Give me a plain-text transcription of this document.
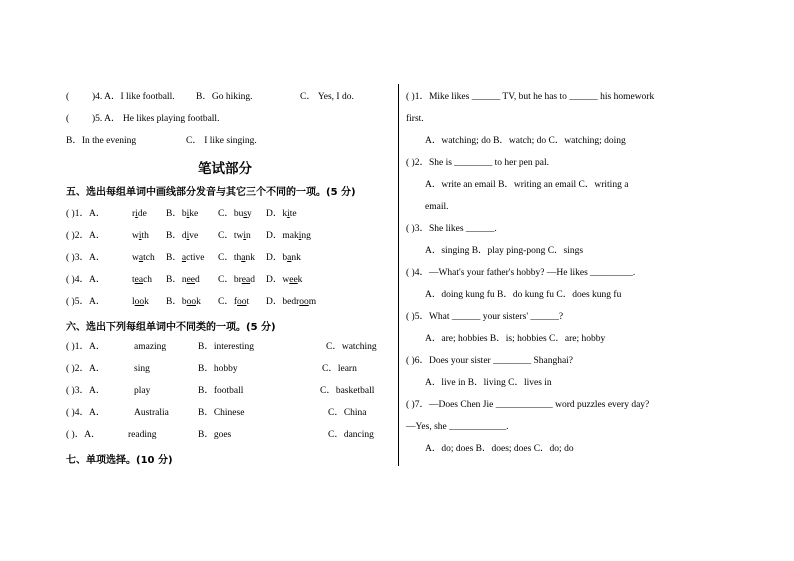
( )4. A．I like football. B．Go hiking.	C． Yes, I do.
( )5. A． He likes playing football.
B．In the evening	C． I like singing.
笔试部分
五、选出每组单词中画线部分发音与其它三个不同的一项。(5 分)
( )1．A．	ride B．bike C．busy D．kite
( )2．A．	with B．dive C．twin D．making
( )3．A．	watch B．active C．thank D．bank
( )4．A．	teach B．need C．bread D．week
( )5．A．	look B．book C．foot D．bedroom
六、选出下列每组单词中不同类的一项。(5 分)
( )1．A．	amazing	B．interesting	C．watching
( )2．A．	sing	B．hobby	C．learn
( )3．A．	play	B．football	C．basketball
( )4．A．	Australia	B．Chinese	C．China
( )．A．	reading	B．goes	C．dancing
七、单项选择。(10 分)
( )1．Mike likes ______ TV, but he has to ______ his homework
first.
A．watching; do B．watch; do C．watching; doing
( )2．She is ________ to her pen pal.
A．write an email B．writing an email C．writing a
email.
( )3．She likes ______.
A．singing B．play ping-pong C．sings
( )4．—What's your father's hobby? —He likes _________.
A．doing kung fu B．do kung fu C．does kung fu
( )5．What ______ your sisters' ______?
A．are; hobbies B．is; hobbies C．are; hobby
( )6．Does your sister ________ Shanghai?
A．live in B．living C．lives in
( )7．—Does Chen Jie ____________ word puzzles every day?
—Yes, she ____________.
A．do; does B．does; does C．do; do
